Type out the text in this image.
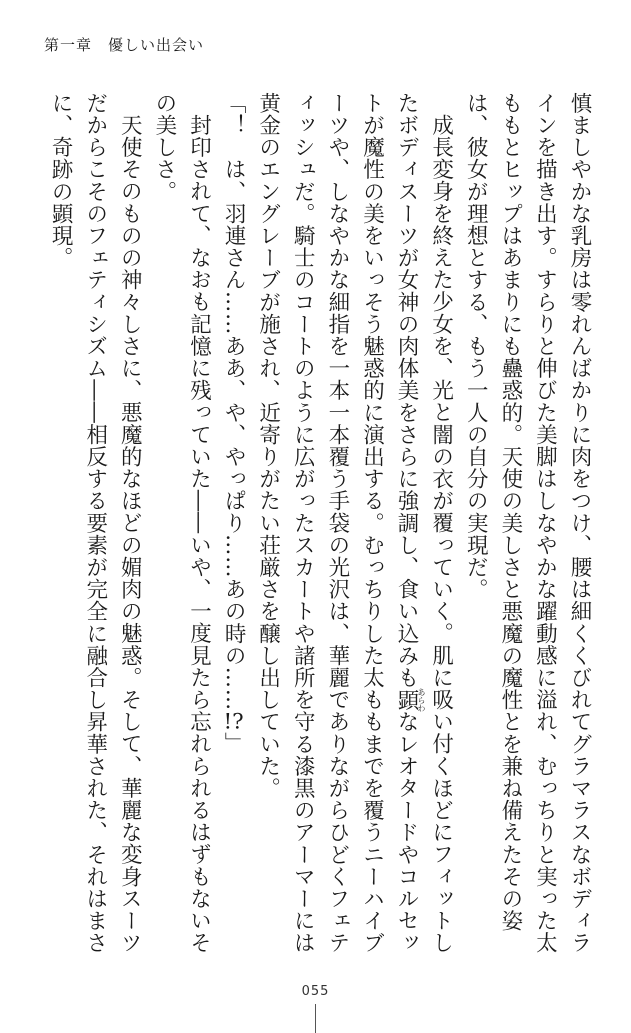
第一章　優しい出会い

慎ましやかな乳房は零れんばかりに肉をつけ、腰は細くくびれてグラマラスなボディラインを描き出す。すらりと伸びた美脚はしなやかな躍動感に溢れ、むっちりと実った太ももとヒップはあまりにも蠱惑的。天使の美しさと悪魔の魔性とを兼ね備えたその姿は、彼女が理想とする、もう一人の自分の実現だ。

成長変身を終えた少女を、光と闇の衣が覆っていく。肌に吸い付くほどにフィットしたボディスーツが女神の肉体美をさらに強調し、食い込みも顕あらわなレオタードやコルセットが魔性の美をいっそう魅惑的に演出する。むっちりした太ももまでを覆うニーハイブーツや、しなやかな細指を一本一本覆う手袋の光沢は、華麗でありながらひどくフェティッシュだ。騎士のコートのように広がったスカートや諸所を守る漆黒のアーマーには黄金のエングレーブが施され、近寄りがたい荘厳さを醸し出していた。

「！　は、羽連さん……ああ、や、やっぱり……あの時の……!?」

封印されて、なおも記憶に残っていた――いや、一度見たら忘れられるはずもないその美しさ。

天使そのものの神々しさに、悪魔的なほどの媚肉の魅惑。そして、華麗な変身スーツだからこそのフェティシズム――相反する要素が完全に融合し昇華された、それはまさに、奇跡の顕現。

055
